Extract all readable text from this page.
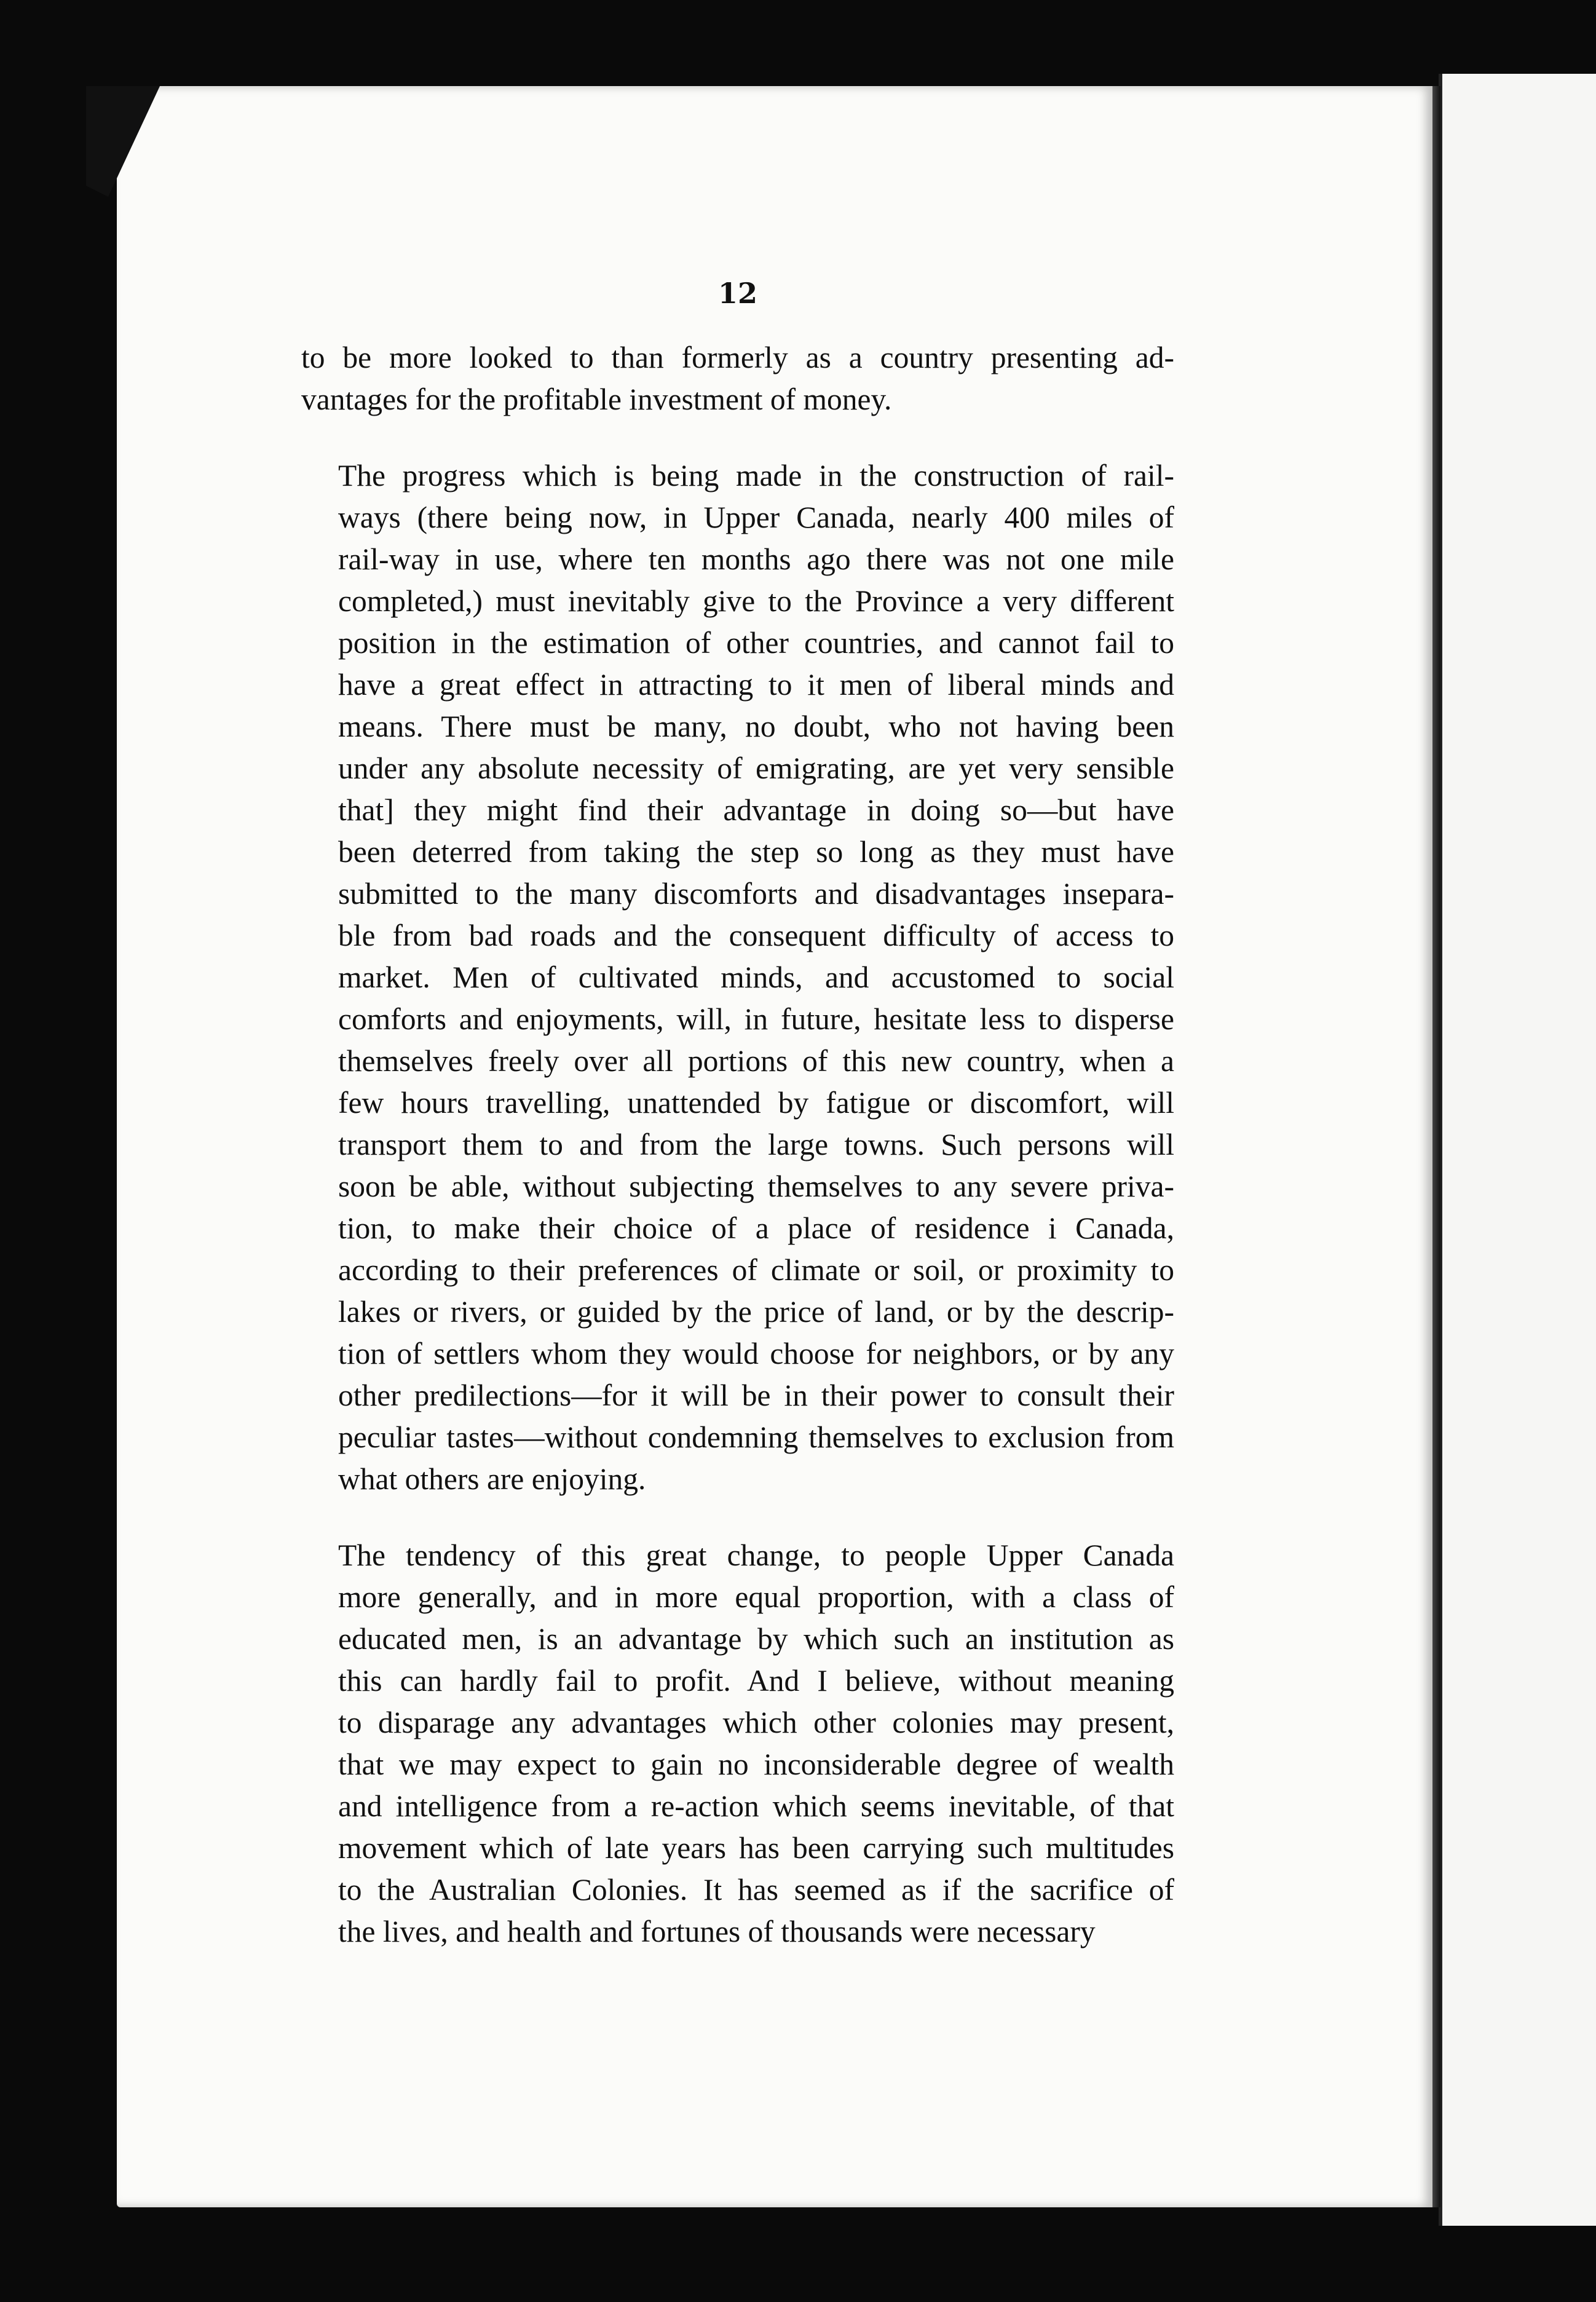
12
to be more looked to than formerly as a country presenting ad-
vantages for the profitable investment of money.
The progress which is being made in the construction of rail-
ways (there being now, in Upper Canada, nearly 400 miles of
rail-way in use, where ten months ago there was not one mile
completed,) must inevitably give to the Province a very different
position in the estimation of other countries, and cannot fail to
have a great effect in attracting to it men of liberal minds and
means. There must be many, no doubt, who not having been
under any absolute necessity of emigrating, are yet very sensible
that] they might find their advantage in doing so—but have
been deterred from taking the step so long as they must have
submitted to the many discomforts and disadvantages insepara-
ble from bad roads and the consequent difficulty of access to
market. Men of cultivated minds, and accustomed to social
comforts and enjoyments, will, in future, hesitate less to disperse
themselves freely over all portions of this new country, when a
few hours travelling, unattended by fatigue or discomfort, will
transport them to and from the large towns. Such persons will
soon be able, without subjecting themselves to any severe priva-
tion, to make their choice of a place of residence i Canada,
according to their preferences of climate or soil, or proximity to
lakes or rivers, or guided by the price of land, or by the descrip-
tion of settlers whom they would choose for neighbors, or by any
other predilections—for it will be in their power to consult their
peculiar tastes—without condemning themselves to exclusion from
what others are enjoying.
The tendency of this great change, to people Upper Canada
more generally, and in more equal proportion, with a class of
educated men, is an advantage by which such an institution as
this can hardly fail to profit. And I believe, without meaning
to disparage any advantages which other colonies may present,
that we may expect to gain no inconsiderable degree of wealth
and intelligence from a re-action which seems inevitable, of that
movement which of late years has been carrying such multitudes
to the Australian Colonies. It has seemed as if the sacrifice of
the lives, and health and fortunes of thousands were necessary
